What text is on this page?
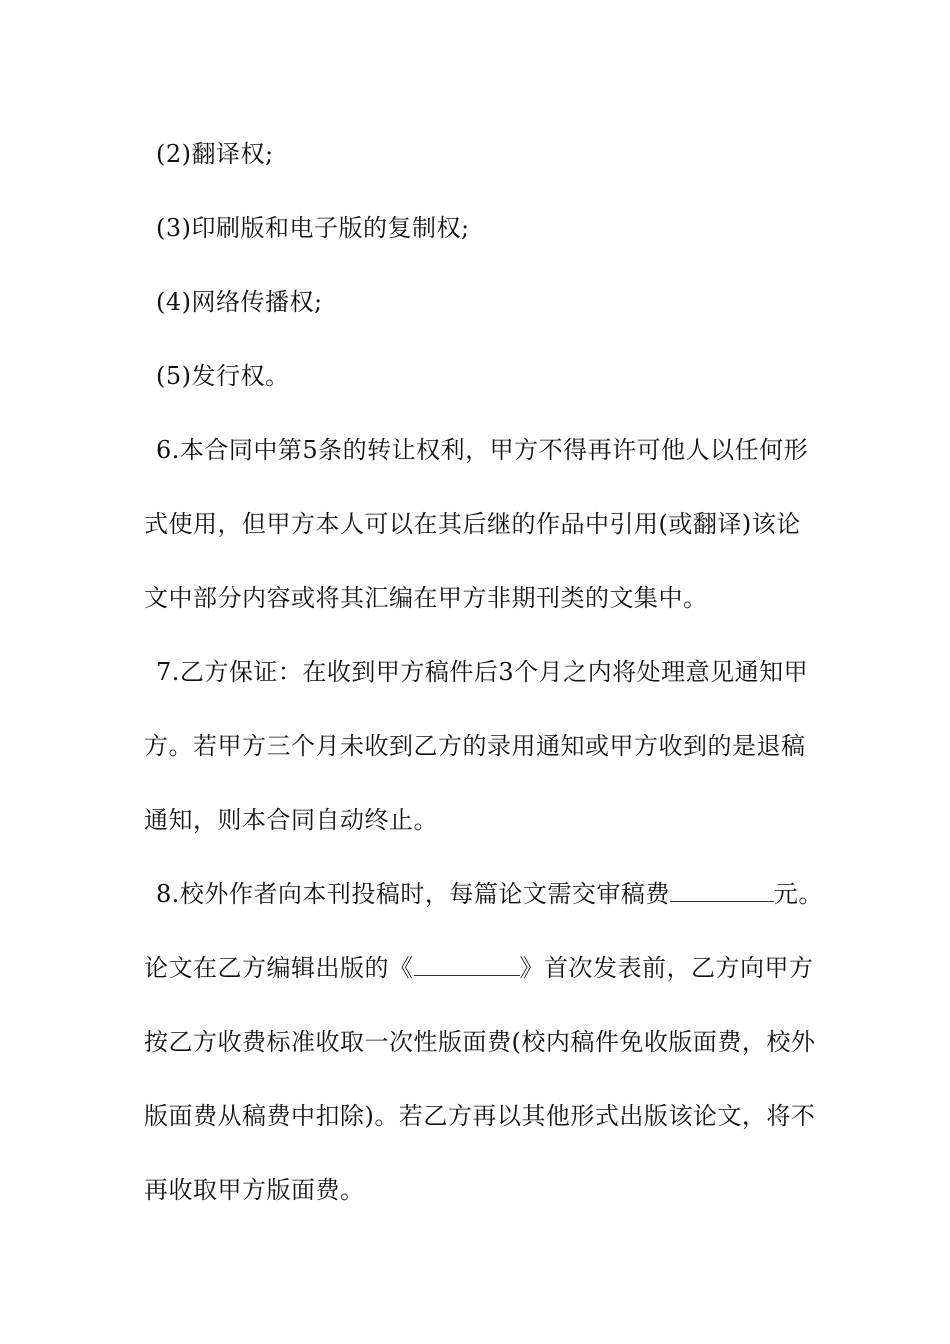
(2)翻译权;
(3)印刷版和电子版的复制权;
(4)网络传播权;
(5)发行权。
6.本合同中第5条的转让权利，甲方不得再许可他人以任何形
式使用，但甲方本人可以在其后继的作品中引用(或翻译)该论
文中部分内容或将其汇编在甲方非期刊类的文集中。
7.乙方保证：在收到甲方稿件后3个月之内将处理意见通知甲
方。若甲方三个月未收到乙方的录用通知或甲方收到的是退稿
通知，则本合同自动终止。
8.校外作者向本刊投稿时，每篇论文需交审稿费	元。
论文在乙方编辑出版的《	》首次发表前，乙方向甲方
按乙方收费标准收取一次性版面费(校内稿件免收版面费，校外
版面费从稿费中扣除)。若乙方再以其他形式出版该论文，将不
再收取甲方版面费。
